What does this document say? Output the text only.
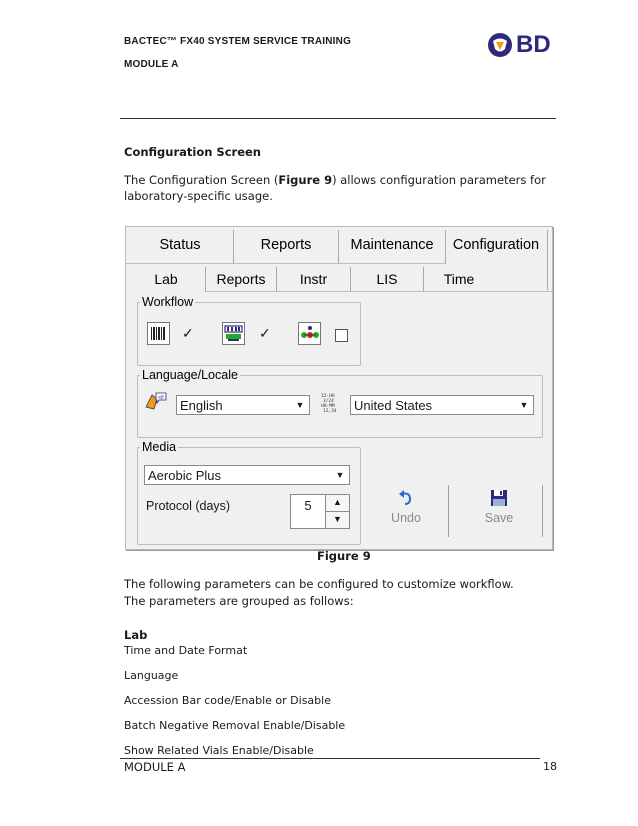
BACTEC™ FX40 SYSTEM SERVICE TRAINING
MODULE A
BD
Configuration Screen
The Configuration Screen (Figure 9) allows configuration parameters for
laboratory-specific usage.
Status	Reports	Maintenance	Configuration
Lab	Reports	Instr	LIS	Time
Workflow
✓	✓
Language/Locale
αβ English	▼
12·HH
3/24
HH·MM
12,34 United States	▼
Media
Aerobic Plus	▼
Protocol (days)	5	▲
▼	Undo	Save
Figure 9
The following parameters can be configured to customize workflow.
The parameters are grouped as follows:
Lab
Time and Date Format
Language
Accession Bar code/Enable or Disable
Batch Negative Removal Enable/Disable
Show Related Vials Enable/Disable
MODULE A	18
